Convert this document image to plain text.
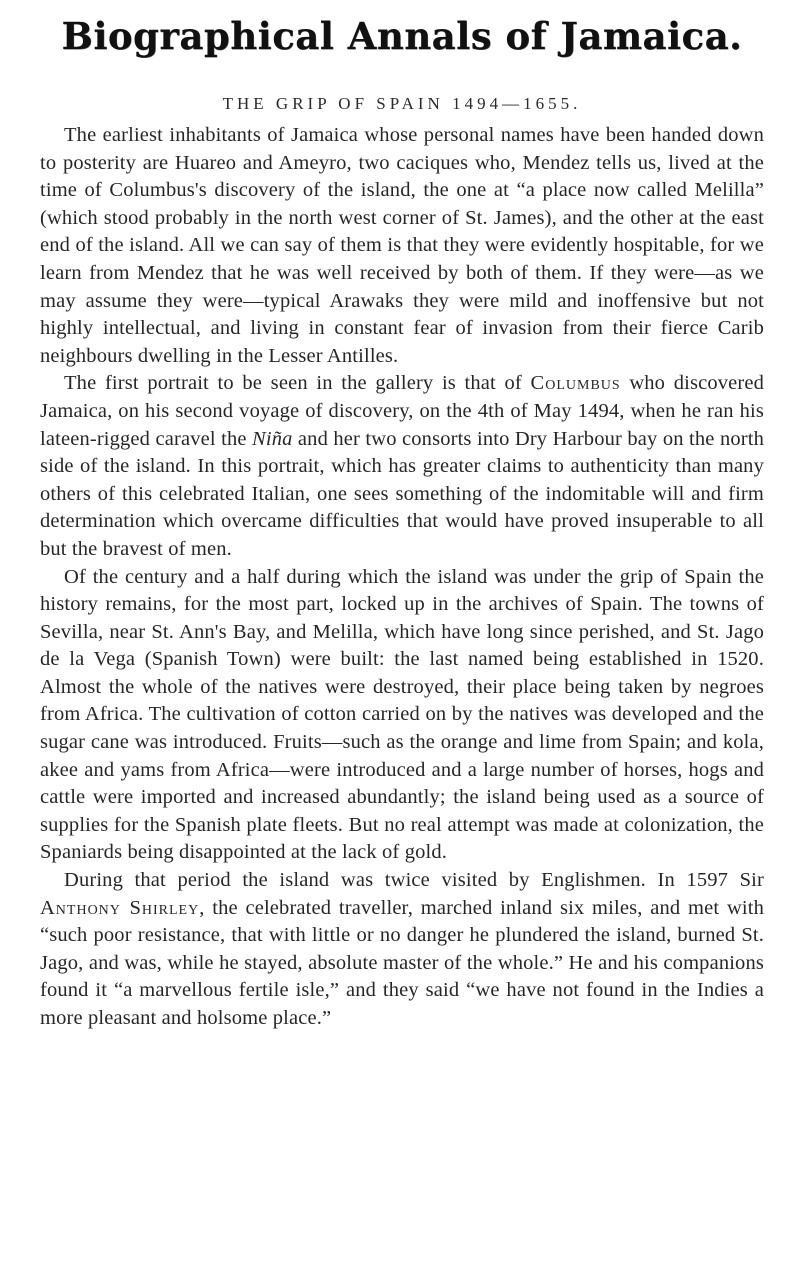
Biographical Annals of Jamaica.
THE GRIP OF SPAIN 1494—1655.

The earliest inhabitants of Jamaica whose personal names have been handed down to posterity are Huareo and Ameyro, two caciques who, Mendez tells us, lived at the time of Columbus's discovery of the island, the one at “a place now called Melilla” (which stood probably in the north west corner of St. James), and the other at the east end of the island. All we can say of them is that they were evidently hospitable, for we learn from Mendez that he was well received by both of them. If they were—as we may assume they were—typical Arawaks they were mild and inoffensive but not highly intellectual, and living in constant fear of invasion from their fierce Carib neighbours dwelling in the Lesser Antilles.

The first portrait to be seen in the gallery is that of Columbus who discovered Jamaica, on his second voyage of discovery, on the 4th of May 1494, when he ran his lateen-rigged caravel the Niña and her two consorts into Dry Harbour bay on the north side of the island. In this portrait, which has greater claims to authenticity than many others of this celebrated Italian, one sees something of the indomitable will and firm determination which overcame difficulties that would have proved insuperable to all but the bravest of men.

Of the century and a half during which the island was under the grip of Spain the history remains, for the most part, locked up in the archives of Spain. The towns of Sevilla, near St. Ann's Bay, and Melilla, which have long since perished, and St. Jago de la Vega (Spanish Town) were built: the last named being established in 1520. Almost the whole of the natives were destroyed, their place being taken by negroes from Africa. The cultivation of cotton carried on by the natives was developed and the sugar cane was introduced. Fruits—such as the orange and lime from Spain; and kola, akee and yams from Africa—were introduced and a large number of horses, hogs and cattle were imported and increased abundantly; the island being used as a source of supplies for the Spanish plate fleets. But no real attempt was made at colonization, the Spaniards being disappointed at the lack of gold.

During that period the island was twice visited by Englishmen. In 1597 Sir Anthony Shirley, the celebrated traveller, marched inland six miles, and met with “such poor resistance, that with little or no danger he plundered the island, burned St. Jago, and was, while he stayed, absolute master of the whole.” He and his companions found it “a marvellous fertile isle,” and they said “we have not found in the Indies a more pleasant and holsome place.”
